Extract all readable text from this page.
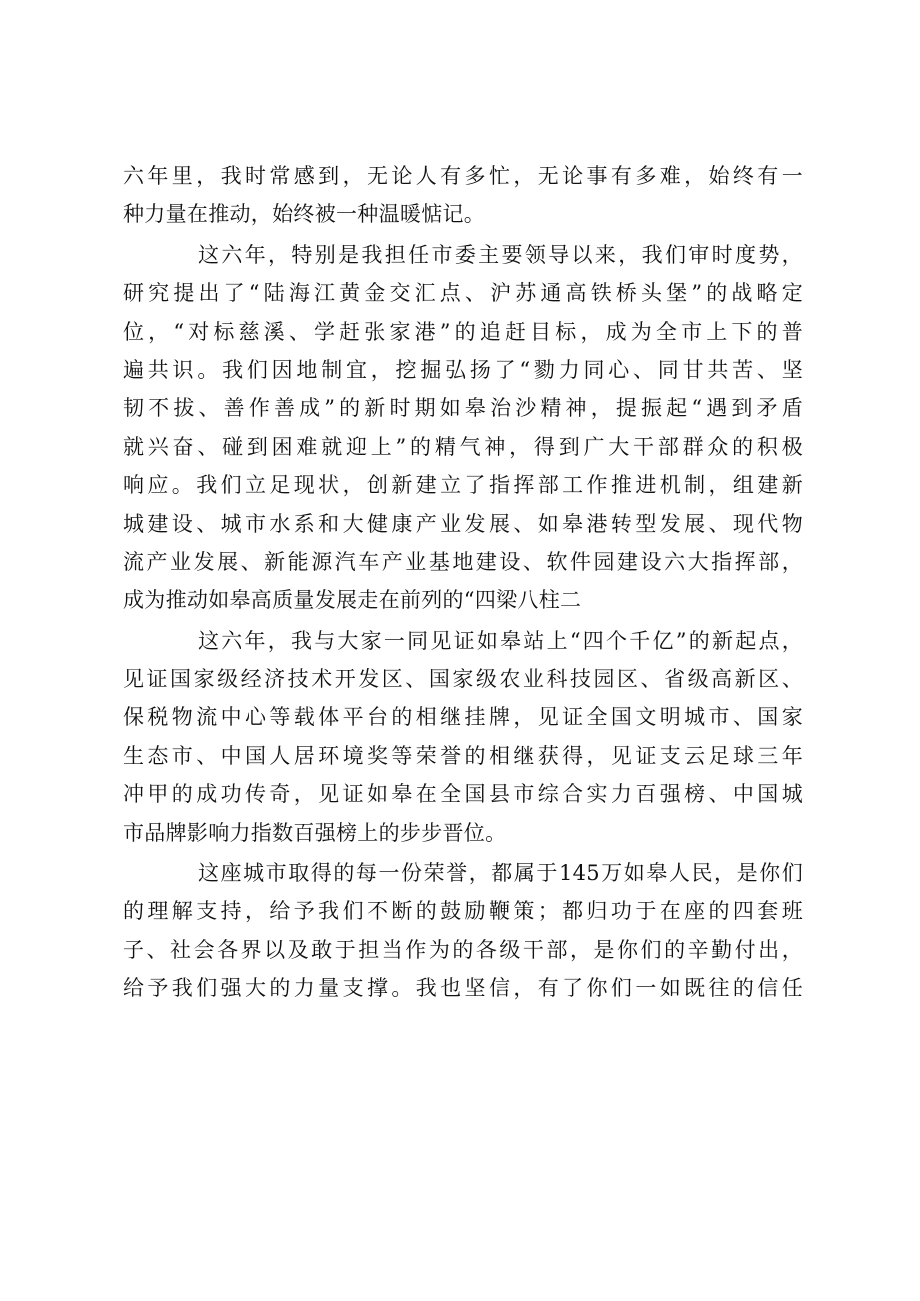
六年里，我时常感到，无论人有多忙，无论事有多难，始终有一
种力量在推动，始终被一种温暖惦记。
这六年，特别是我担任市委主要领导以来，我们审时度势，
研究提出了“陆海江黄金交汇点、沪苏通高铁桥头堡”的战略定
位，“对标慈溪、学赶张家港”的追赶目标，成为全市上下的普
遍共识。我们因地制宜，挖掘弘扬了“勠力同心、同甘共苦、坚
韧不拔、善作善成”的新时期如皋治沙精神，提振起“遇到矛盾
就兴奋、碰到困难就迎上”的精气神，得到广大干部群众的积极
响应。我们立足现状，创新建立了指挥部工作推进机制，组建新
城建设、城市水系和大健康产业发展、如皋港转型发展、现代物
流产业发展、新能源汽车产业基地建设、软件园建设六大指挥部，
成为推动如皋高质量发展走在前列的“四梁八柱二
这六年，我与大家一同见证如皋站上“四个千亿”的新起点，
见证国家级经济技术开发区、国家级农业科技园区、省级高新区、
保税物流中心等载体平台的相继挂牌，见证全国文明城市、国家
生态市、中国人居环境奖等荣誉的相继获得，见证支云足球三年
冲甲的成功传奇，见证如皋在全国县市综合实力百强榜、中国城
市品牌影响力指数百强榜上的步步晋位。
这座城市取得的每一份荣誉，都属于145万如皋人民，是你们
的理解支持，给予我们不断的鼓励鞭策；都归功于在座的四套班
子、社会各界以及敢于担当作为的各级干部，是你们的辛勤付出，
给予我们强大的力量支撑。我也坚信，有了你们一如既往的信任
